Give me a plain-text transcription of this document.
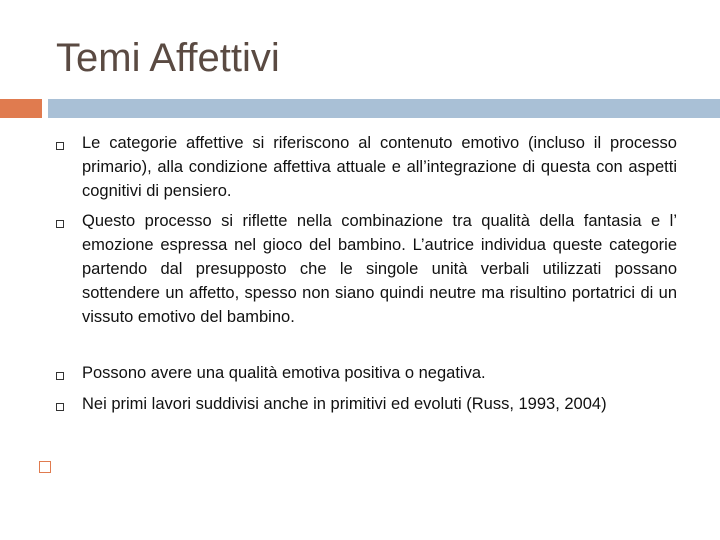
Temi Affettivi

Le categorie affettive si riferiscono al contenuto emotivo (incluso il processo primario), alla condizione affettiva attuale e all’integrazione di questa con aspetti cognitivi di pensiero.

Questo processo si riflette nella combinazione tra qualità della fantasia e l’ emozione espressa nel gioco del bambino. L’autrice individua queste categorie partendo dal presupposto che le singole unità verbali utilizzati possano sottendere un affetto, spesso non siano quindi neutre ma risultino portatrici di un vissuto emotivo del bambino.

Possono avere una qualità emotiva positiva o negativa.

Nei primi lavori suddivisi anche in primitivi ed evoluti (Russ, 1993, 2004)
